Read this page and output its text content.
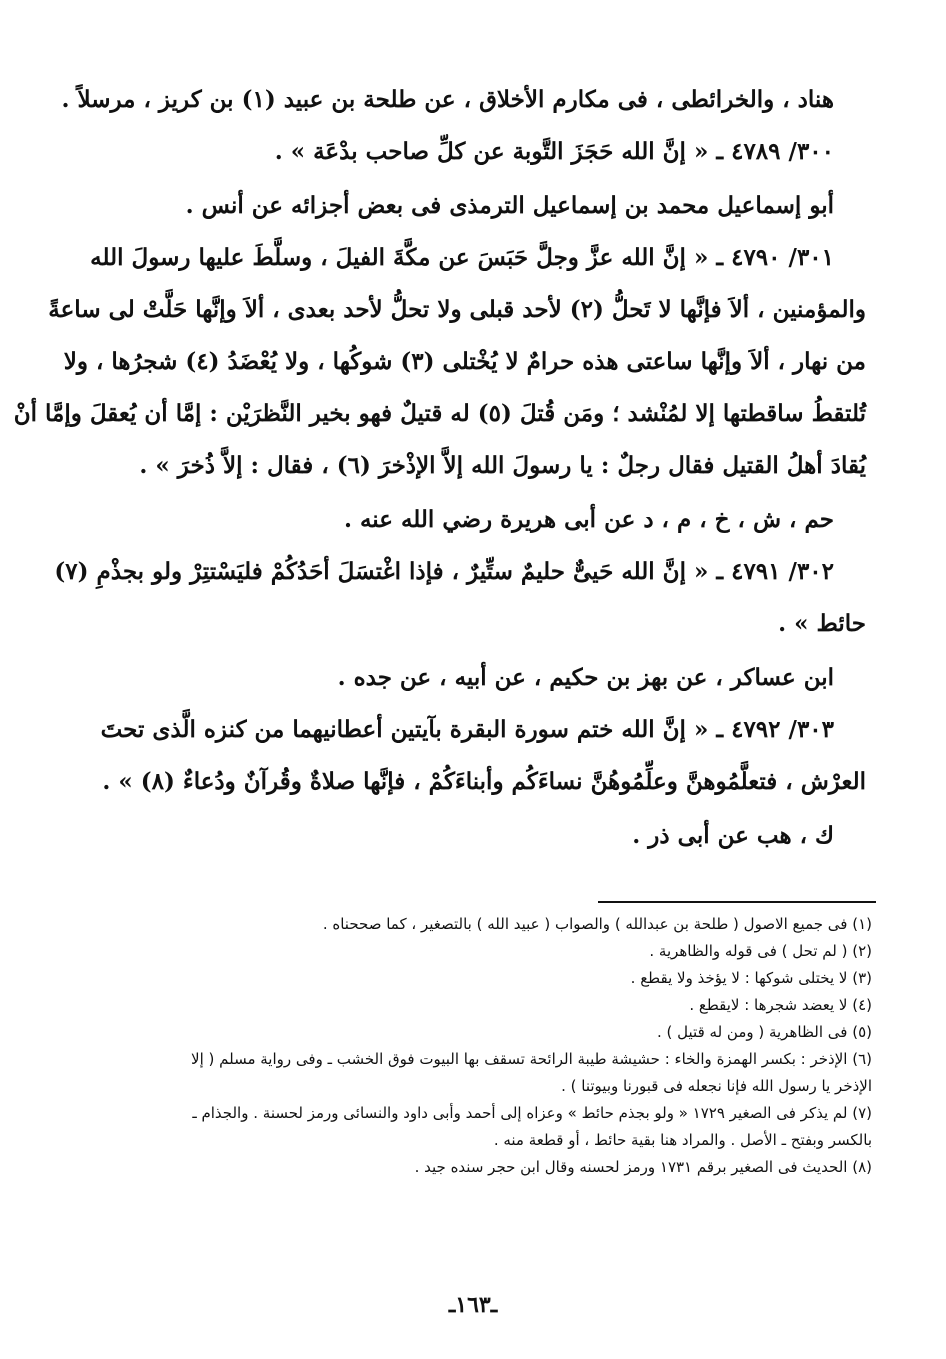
هناد ، والخرائطى ، فى مكارم الأخلاق ، عن طلحة بن عبيد (١) بن كريز ، مرسلاً .

٣٠٠/ ٤٧٨٩ ـ « إنَّ الله حَجَزَ التَّوبة عن كلِّ صاحب بدْعَة » .

أبو إسماعيل محمد بن إسماعيل الترمذى فى بعض أجزائه عن أنس .

٣٠١/ ٤٧٩٠ ـ « إنَّ الله عزَّ وجلَّ حَبَسَ عن مكَّةَ الفيلَ ، وسلَّطَ عليها رسولَ الله

والمؤمنين ، ألاَ فإنَّها لا تَحلُّ (٢) لأحد قبلى ولا تحلُّ لأحد بعدى ، ألاَ وإنَّها حَلَّتْ لى ساعةً

من نهار ، ألاَ وإنَّها ساعتى هذه حرامٌ لا يُخْتلى (٣) شوكُها ، ولا يُعْضَدُ (٤) شجرُها ، ولا

تُلتقطُ ساقطتها إلا لمُنْشد ؛ ومَن قُتلَ (٥) له قتيلٌ فهو بخير النَّظرَيْن : إمَّا أن يُعقلَ وإمَّا أنْ

يُقادَ أهلُ القتيل فقال رجلٌ : يا رسولَ الله إلاَّ الإذْخرَ (٦) ، فقال : إلاَّ ذُخرَ » .

حم ، ش ، خ ، م ، د عن أبى هريرة رضي الله عنه .

٣٠٢/ ٤٧٩١ ـ « إنَّ الله حَيىٌّ حليمٌ ستِّيرٌ ، فإذا اغْتسَلَ أحَدُكُمْ فليَسْتتِرْ ولو بجذْمِ (٧)

حائط » .

ابن عساكر ، عن بهز بن حكيم ، عن أبيه ، عن جده .

٣٠٣/ ٤٧٩٢ ـ « إنَّ الله ختم سورة البقرة بآيتين أعطانيهما من كنزه الَّذى تحتَ

العرْش ، فتعلَّمُوهنَّ وعلِّمُوهُنَّ نساءَكُم وأبناءَكُمْ ، فإنَّها صلاةٌ وقُرآنٌ ودُعاءٌ (٨) » .

ك ، هب عن أبى ذر .

(١) فى جميع الاصول ( طلحة بن عبدالله ) والصواب ( عبيد الله ) بالتصغير ، كما صححناه .

(٢) ( لم تحل ) فى قوله والظاهرية .

(٣) لا يختلى شوكها : لا يؤخذ ولا يقطع .

(٤) لا يعضد شجرها : لايقطع .

(٥) فى الظاهرية ( ومن له قتيل ) .

(٦) الإذخر : بكسر الهمزة والخاء : حشيشة طيبة الرائحة تسقف بها البيوت فوق الخشب ـ وفى رواية مسلم ( إلا

الإذخر يا رسول الله فإنا نجعله فى قبورنا وبيوتنا ) .

(٧) لم يذكر فى الصغير ١٧٢٩ « ولو بجذم حائط » وعزاه إلى أحمد وأبى داود والنسائى ورمز لحسنة . والجذام ـ

بالكسر وبفتح ـ الأصل . والمراد هنا بقية حائط ، أو قطعة منه .

(٨) الحديث فى الصغير برقم ١٧٣١ ورمز لحسنه وقال ابن حجر سنده جيد .

ـ١٦٣ـ
